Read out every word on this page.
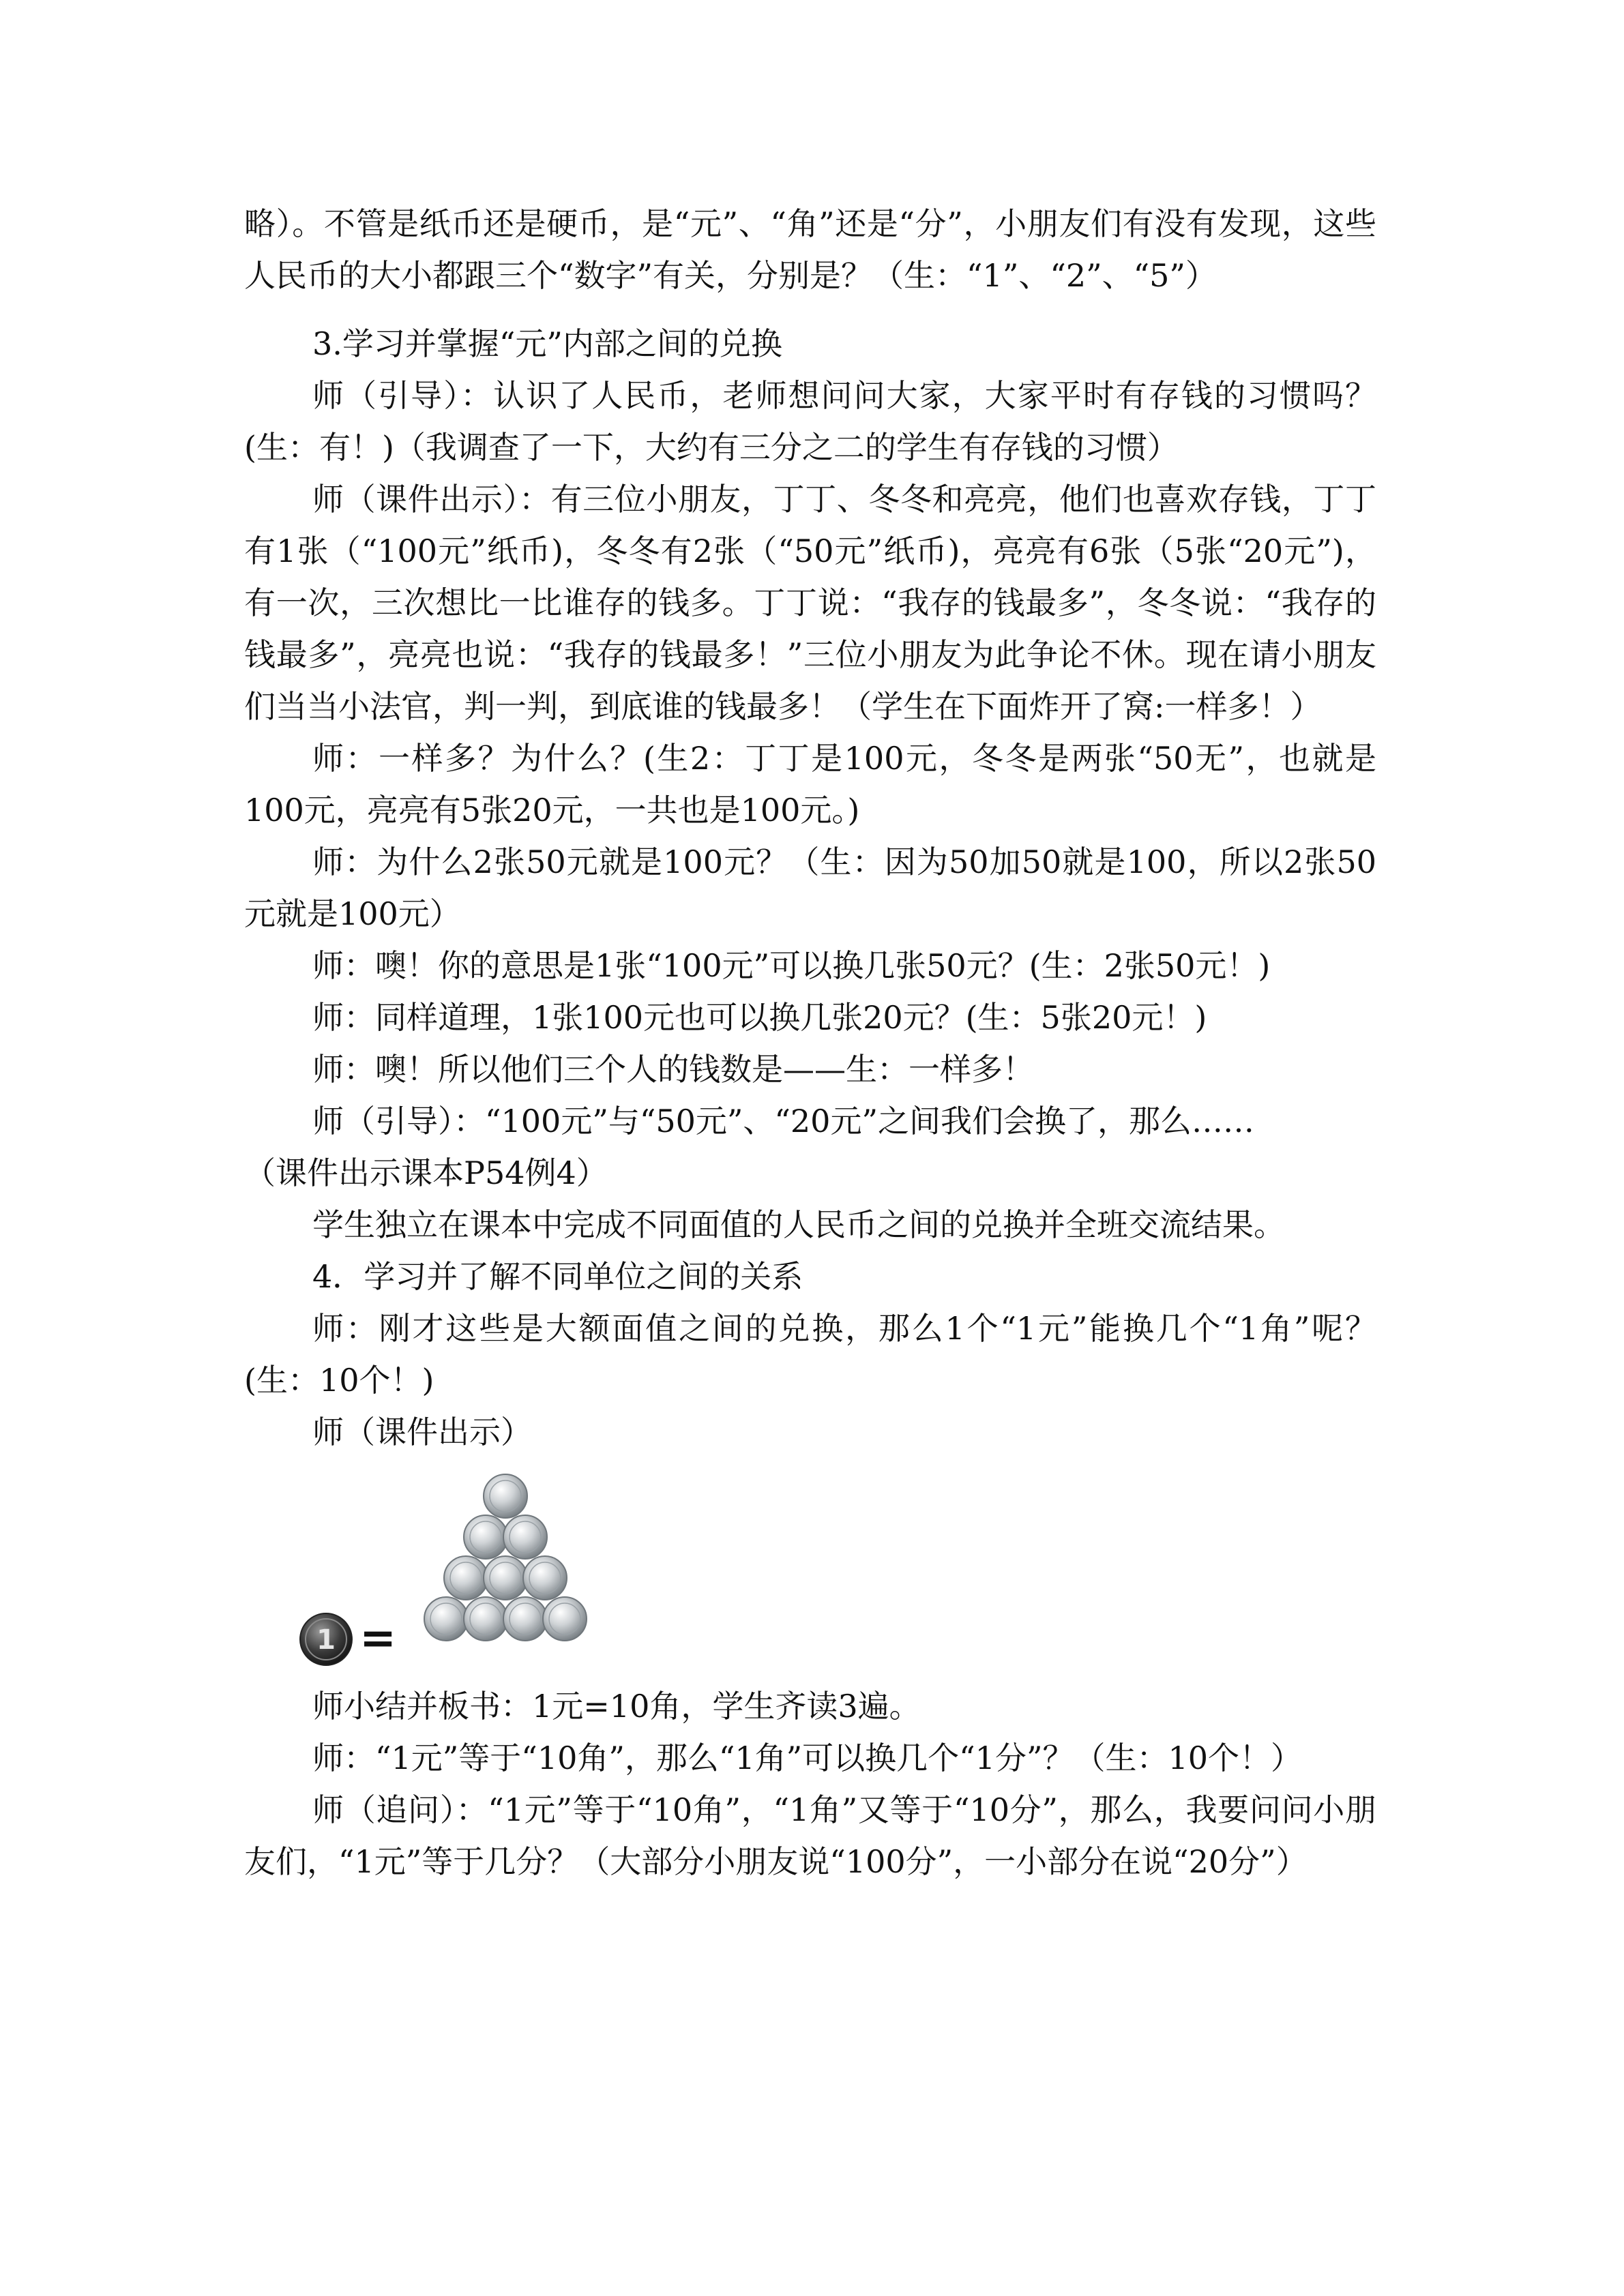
略）。不管是纸币还是硬币，是“元”、“角”还是“分”，小朋友们有没有发现，这些人民币的大小都跟三个“数字”有关，分别是？（生：“1”、“2”、“5”）

3.学习并掌握“元”内部之间的兑换

师（引导）：认识了人民币，老师想问问大家，大家平时有存钱的习惯吗？(生：有！)（我调查了一下，大约有三分之二的学生有存钱的习惯）

师（课件出示）：有三位小朋友，丁丁、冬冬和亮亮，他们也喜欢存钱，丁丁有1张（“100元”纸币)，冬冬有2张（“50元”纸币)，亮亮有6张（5张“20元”)，有一次，三次想比一比谁存的钱多。丁丁说：“我存的钱最多”，冬冬说：“我存的钱最多”，亮亮也说：“我存的钱最多！”三位小朋友为此争论不休。现在请小朋友们当当小法官，判一判，到底谁的钱最多！（学生在下面炸开了窝:一样多！）

师：一样多？为什么？(生2：丁丁是100元，冬冬是两张“50无”，也就是100元，亮亮有5张20元，一共也是100元。)

师：为什么2张50元就是100元？（生：因为50加50就是100，所以2张50元就是100元）

师：噢！你的意思是1张“100元”可以换几张50元？(生：2张50元！)

师：同样道理，1张100元也可以换几张20元？(生：5张20元！)

师：噢！所以他们三个人的钱数是——生：一样多！

师（引导）：“100元”与“50元”、“20元”之间我们会换了，那么……

（课件出示课本P54例4）

学生独立在课本中完成不同面值的人民币之间的兑换并全班交流结果。

4．学习并了解不同单位之间的关系

师：刚才这些是大额面值之间的兑换，那么1个“1元”能换几个“1角”呢？(生：10个！)

师（课件出示）

1 =

师小结并板书：1元=10角，学生齐读3遍。

师：“1元”等于“10角”，那么“1角”可以换几个“1分”？（生：10个！）

师（追问）：“1元”等于“10角”，“1角”又等于“10分”，那么，我要问问小朋友们，“1元”等于几分？（大部分小朋友说“100分”，一小部分在说“20分”）
